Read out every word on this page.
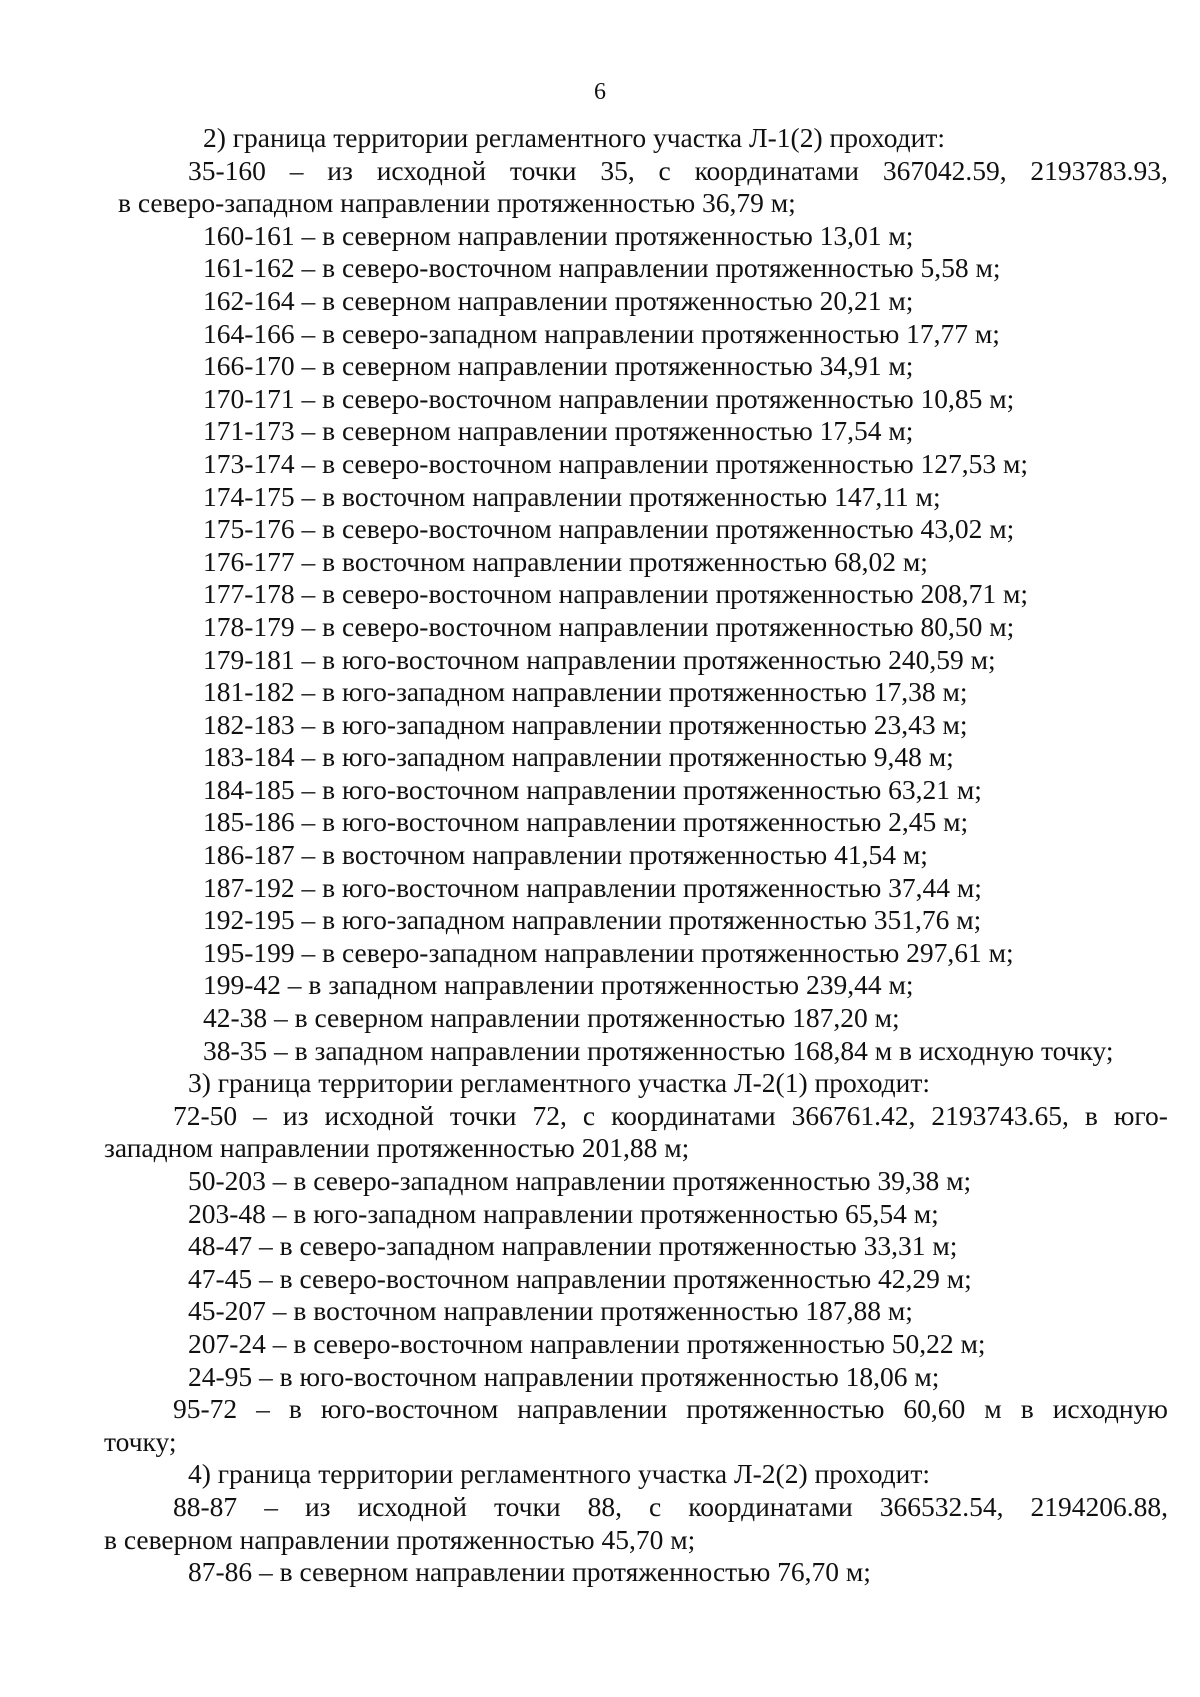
6
2) граница территории регламентного участка Л-1(2) проходит:
35-160 – из исходной точки 35, с координатами 367042.59, 2193783.93,
в северо-западном направлении протяженностью 36,79 м;
160-161 – в северном направлении протяженностью 13,01 м;
161-162 – в северо-восточном направлении протяженностью 5,58 м;
162-164 – в северном направлении протяженностью 20,21 м;
164-166 – в северо-западном направлении протяженностью 17,77 м;
166-170 – в северном направлении протяженностью 34,91 м;
170-171 – в северо-восточном направлении протяженностью 10,85 м;
171-173 – в северном направлении протяженностью 17,54 м;
173-174 – в северо-восточном направлении протяженностью 127,53 м;
174-175 – в восточном направлении протяженностью 147,11 м;
175-176 – в северо-восточном направлении протяженностью 43,02 м;
176-177 – в восточном направлении протяженностью 68,02 м;
177-178 – в северо-восточном направлении протяженностью 208,71 м;
178-179 – в северо-восточном направлении протяженностью 80,50 м;
179-181 – в юго-восточном направлении протяженностью 240,59 м;
181-182 – в юго-западном направлении протяженностью 17,38 м;
182-183 – в юго-западном направлении протяженностью 23,43 м;
183-184 – в юго-западном направлении протяженностью 9,48 м;
184-185 – в юго-восточном направлении протяженностью 63,21 м;
185-186 – в юго-восточном направлении протяженностью 2,45 м;
186-187 – в восточном направлении протяженностью 41,54 м;
187-192 – в юго-восточном направлении протяженностью 37,44 м;
192-195 – в юго-западном направлении протяженностью 351,76 м;
195-199 – в северо-западном направлении протяженностью 297,61 м;
199-42 – в западном направлении протяженностью 239,44 м;
42-38 – в северном направлении протяженностью 187,20 м;
38-35 – в западном направлении протяженностью 168,84 м в исходную точку;
3) граница территории регламентного участка Л-2(1) проходит:
72-50 – из исходной точки 72, с координатами 366761.42, 2193743.65, в юго-
западном направлении протяженностью 201,88 м;
50-203 – в северо-западном направлении протяженностью 39,38 м;
203-48 – в юго-западном направлении протяженностью 65,54 м;
48-47 – в северо-западном направлении протяженностью 33,31 м;
47-45 – в северо-восточном направлении протяженностью 42,29 м;
45-207 – в восточном направлении протяженностью 187,88 м;
207-24 – в северо-восточном направлении протяженностью 50,22 м;
24-95 – в юго-восточном направлении протяженностью 18,06 м;
95-72 – в юго-восточном направлении протяженностью 60,60 м в исходную
точку;
4) граница территории регламентного участка Л-2(2) проходит:
88-87 – из исходной точки 88, с координатами 366532.54, 2194206.88,
в северном направлении протяженностью 45,70 м;
87-86 – в северном направлении протяженностью 76,70 м;
